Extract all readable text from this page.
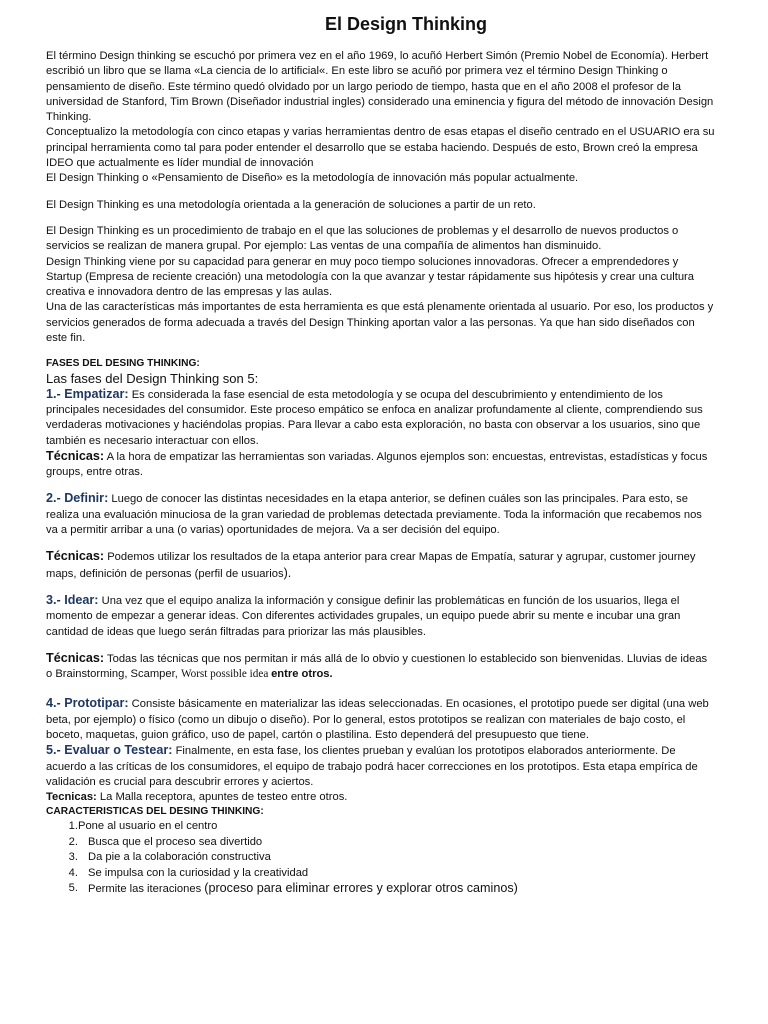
El Design Thinking

El término Design thinking se escuchó por primera vez en el año 1969, lo acuñó Herbert Simón (Premio Nobel de Economía). Herbert escribió un libro que se llama «La ciencia de lo artificial«. En este libro se acuñó por primera vez el término Design Thinking o pensamiento de diseño. Este término quedó olvidado por un largo periodo de tiempo, hasta que en el año 2008 el profesor de la universidad de Stanford, Tim Brown (Diseñador industrial ingles) considerado una eminencia y figura del método de innovación Design Thinking.

Conceptualizo la metodología con cinco etapas y varias herramientas dentro de esas etapas el diseño centrado en el USUARIO era su principal herramienta como tal para poder entender el desarrollo que se estaba haciendo. Después de esto, Brown creó la empresa IDEO que actualmente es líder mundial de innovación

El Design Thinking o «Pensamiento de Diseño» es la metodología de innovación más popular actualmente.

El Design Thinking es una metodología orientada a la generación de soluciones a partir de un reto.

El Design Thinking es un procedimiento de trabajo en el que las soluciones de problemas y el desarrollo de nuevos productos o servicios se realizan de manera grupal. Por ejemplo: Las ventas de una compañía de alimentos han disminuido.

Design Thinking viene por su capacidad para generar en muy poco tiempo soluciones innovadoras. Ofrecer a emprendedores y Startup (Empresa de reciente creación) una metodología con la que avanzar y testar rápidamente sus hipótesis y crear una cultura creativa e innovadora dentro de las empresas y las aulas.

Una de las características más importantes de esta herramienta es que está plenamente orientada al usuario. Por eso, los productos y servicios generados de forma adecuada a través del Design Thinking aportan valor a las personas. Ya que han sido diseñados con este fin.

FASES DEL DESING THINKING:

Las fases del Design Thinking son 5:

1.- Empatizar: Es considerada la fase esencial de esta metodología y se ocupa del descubrimiento y entendimiento de los principales necesidades del consumidor. Este proceso empático se enfoca en analizar profundamente al cliente, comprendiendo sus verdaderas motivaciones y haciéndolas propias. Para llevar a cabo esta exploración, no basta con observar a los usuarios, sino que también es necesario interactuar con ellos.

Técnicas: A la hora de empatizar las herramientas son variadas. Algunos ejemplos son: encuestas, entrevistas, estadísticas y focus groups, entre otras.

2.- Definir: Luego de conocer las distintas necesidades en la etapa anterior, se definen cuáles son las principales. Para esto, se realiza una evaluación minuciosa de la gran variedad de problemas detectada previamente. Toda la información que recabemos nos va a permitir arribar a una (o varias) oportunidades de mejora. Va a ser decisión del equipo.

Técnicas: Podemos utilizar los resultados de la etapa anterior para crear Mapas de Empatía, saturar y agrupar, customer journey maps, definición de personas (perfil de usuarios).

3.- Idear: Una vez que el equipo analiza la información y consigue definir las problemáticas en función de los usuarios, llega el momento de empezar a generar ideas. Con diferentes actividades grupales, un equipo puede abrir su mente e incubar una gran cantidad de ideas que luego serán filtradas para priorizar las más plausibles.

Técnicas: Todas las técnicas que nos permitan ir más allá de lo obvio y cuestionen lo establecido son bienvenidas. Lluvias de ideas o Brainstorming, Scamper, Worst possible idea entre otros.

4.- Prototipar: Consiste básicamente en materializar las ideas seleccionadas. En ocasiones, el prototipo puede ser digital (una web beta, por ejemplo) o físico (como un dibujo o diseño). Por lo general, estos prototipos se realizan con materiales de bajo costo, el boceto, maquetas, guion gráfico, uso de papel, cartón o plastilina. Esto dependerá del presupuesto que tiene.

5.- Evaluar o Testear: Finalmente, en esta fase, los clientes prueban y evalúan los prototipos elaborados anteriormente. De acuerdo a las críticas de los consumidores, el equipo de trabajo podrá hacer correcciones en los prototipos. Esta etapa empírica de validación es crucial para descubrir errores y aciertos.

Tecnicas: La Malla receptora, apuntes de testeo entre otros.

CARACTERISTICAS DEL DESING THINKING:
1. Pone al usuario en el centro
2. Busca que el proceso sea divertido
3. Da pie a la colaboración constructiva
4. Se impulsa con la curiosidad y la creatividad
5. Permite las iteraciones (proceso para eliminar errores y explorar otros caminos)
